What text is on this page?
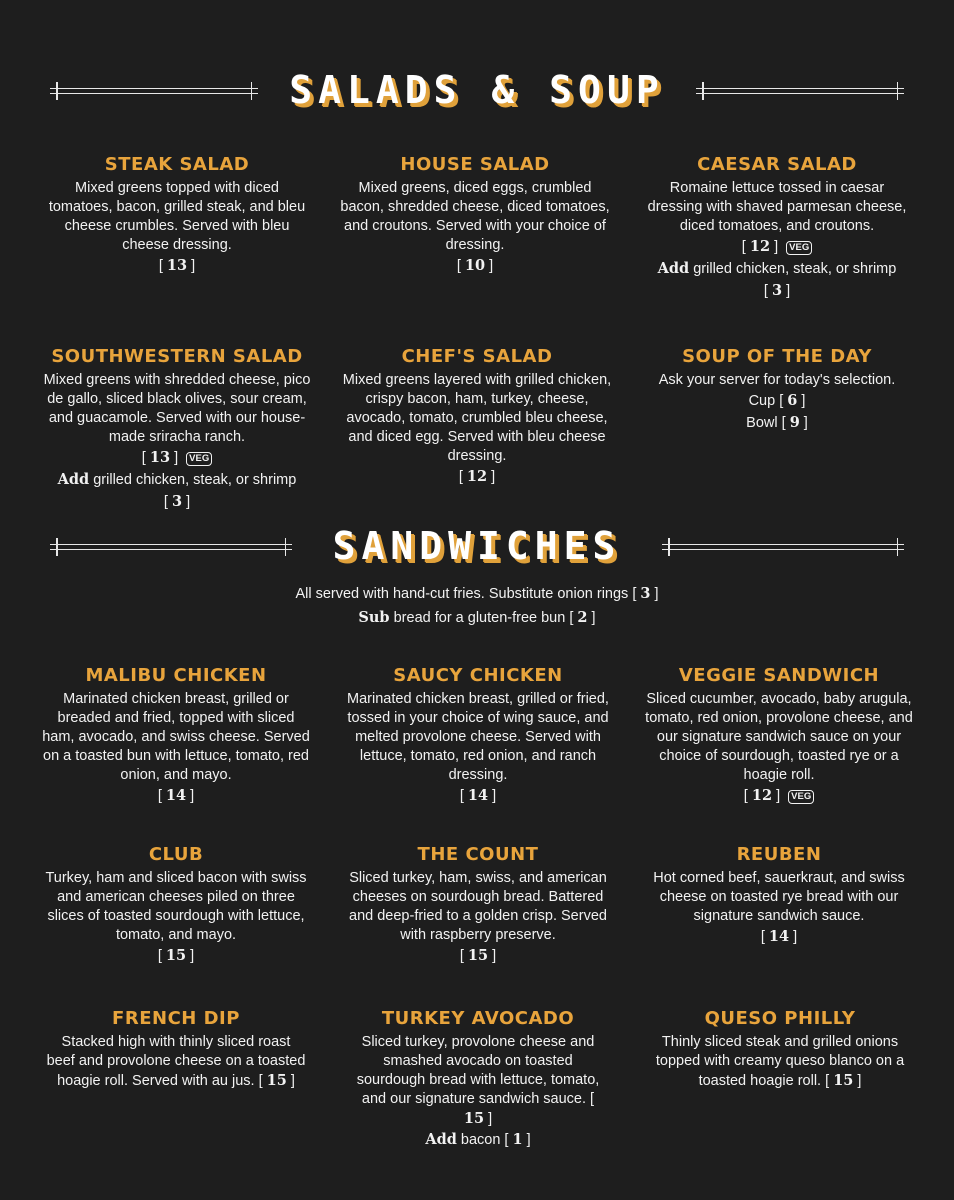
SALADS & SOUP
STEAK SALAD
Mixed greens topped with diced tomatoes, bacon, grilled steak, and bleu cheese crumbles. Served with bleu cheese dressing.
[ 13 ]
HOUSE SALAD
Mixed greens, diced eggs, crumbled bacon, shredded cheese, diced tomatoes, and croutons. Served with your choice of dressing.
[ 10 ]
CAESAR SALAD
Romaine lettuce tossed in caesar dressing with shaved parmesan cheese, diced tomatoes, and croutons.
[ 12 ] VEG
Add grilled chicken, steak, or shrimp
[ 3 ]
SOUTHWESTERN SALAD
Mixed greens with shredded cheese, pico de gallo, sliced black olives, sour cream, and guacamole. Served with our house-made sriracha ranch.
[ 13 ] VEG
Add grilled chicken, steak, or shrimp
[ 3 ]
CHEF'S SALAD
Mixed greens layered with grilled chicken, crispy bacon, ham, turkey, cheese, avocado, tomato, crumbled bleu cheese, and diced egg. Served with bleu cheese dressing.
[ 12 ]
SOUP OF THE DAY
Ask your server for today's selection.
Cup [ 6 ]
Bowl [ 9 ]
SANDWICHES
All served with hand-cut fries. Substitute onion rings [ 3 ]
Sub bread for a gluten-free bun [ 2 ]
MALIBU CHICKEN
Marinated chicken breast, grilled or breaded and fried, topped with sliced ham, avocado, and swiss cheese. Served on a toasted bun with lettuce, tomato, red onion, and mayo.
[ 14 ]
SAUCY CHICKEN
Marinated chicken breast, grilled or fried, tossed in your choice of wing sauce, and melted provolone cheese. Served with lettuce, tomato, red onion, and ranch dressing.
[ 14 ]
VEGGIE SANDWICH
Sliced cucumber, avocado, baby arugula, tomato, red onion, provolone cheese, and our signature sandwich sauce on your choice of sourdough, toasted rye or a hoagie roll.
[ 12 ] VEG
CLUB
Turkey, ham and sliced bacon with swiss and american cheeses piled on three slices of toasted sourdough with lettuce, tomato, and mayo.
[ 15 ]
THE COUNT
Sliced turkey, ham, swiss, and american cheeses on sourdough bread. Battered and deep-fried to a golden crisp. Served with raspberry preserve.
[ 15 ]
REUBEN
Hot corned beef, sauerkraut, and swiss cheese on toasted rye bread with our signature sandwich sauce.
[ 14 ]
FRENCH DIP
Stacked high with thinly sliced roast beef and provolone cheese on a toasted hoagie roll. Served with au jus. [ 15 ]
TURKEY AVOCADO
Sliced turkey, provolone cheese and smashed avocado on toasted sourdough bread with lettuce, tomato, and our signature sandwich sauce. [ 15 ]
Add bacon [ 1 ]
QUESO PHILLY
Thinly sliced steak and grilled onions topped with creamy queso blanco on a toasted hoagie roll. [ 15 ]
